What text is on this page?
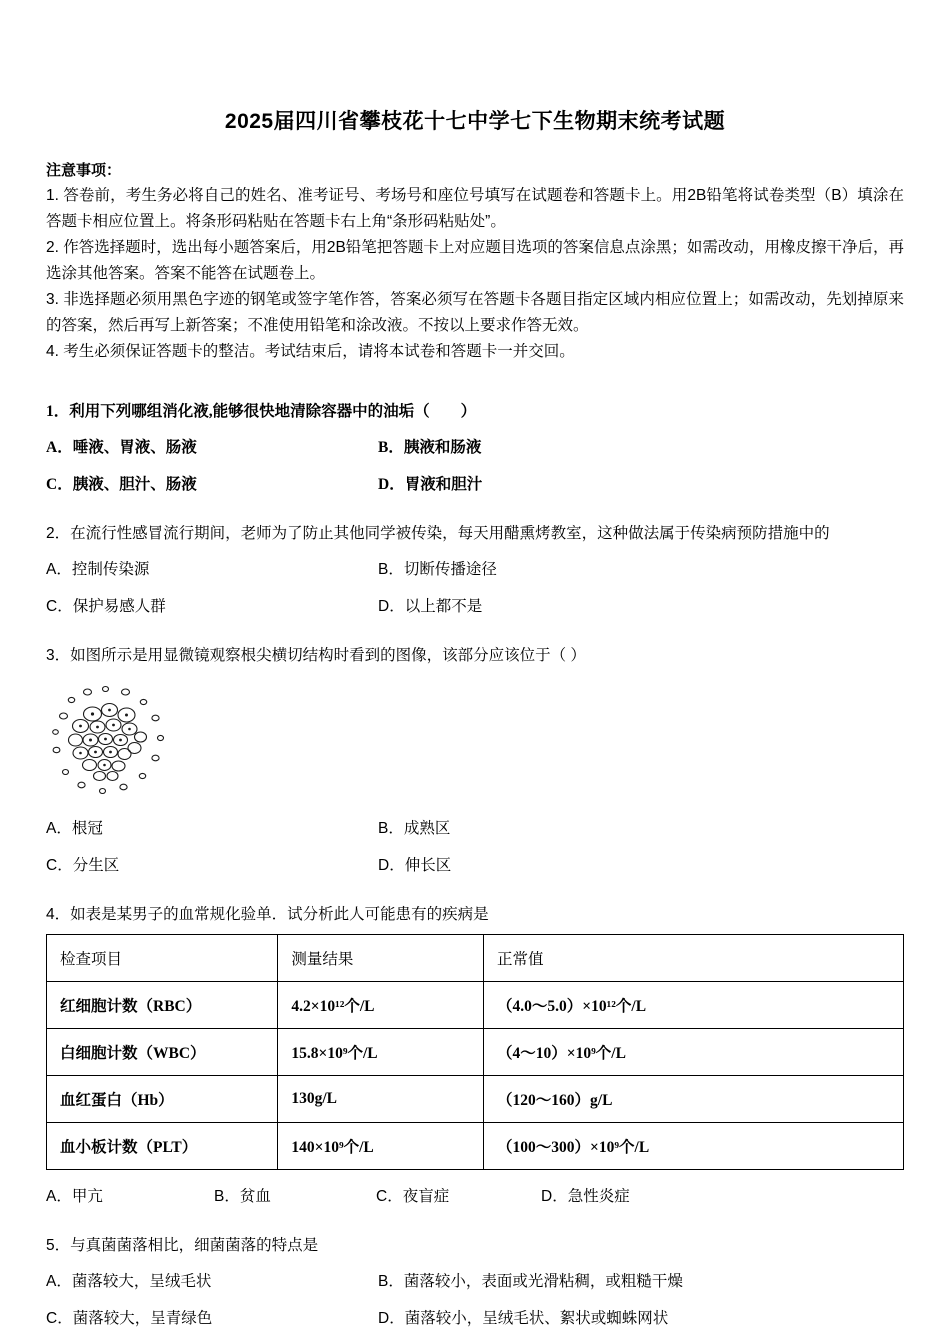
2025届四川省攀枝花十七中学七下生物期末统考试题
注意事项：

1. 答卷前，考生务必将自己的姓名、准考证号、考场号和座位号填写在试题卷和答题卡上。用2B铅笔将试卷类型（B）填涂在答题卡相应位置上。将条形码粘贴在答题卡右上角“条形码粘贴处”。

2. 作答选择题时，选出每小题答案后，用2B铅笔把答题卡上对应题目选项的答案信息点涂黑；如需改动，用橡皮擦干净后，再选涂其他答案。答案不能答在试题卷上。

3. 非选择题必须用黑色字迹的钢笔或签字笔作答，答案必须写在答题卡各题目指定区域内相应位置上；如需改动，先划掉原来的答案，然后再写上新答案；不准使用铅笔和涂改液。不按以上要求作答无效。

4. 考生必须保证答题卡的整洁。考试结束后，请将本试卷和答题卡一并交回。

1．利用下列哪组消化液,能够很快地清除容器中的油垢（　　）

A．唾液、胃液、肠液	B．胰液和肠液
C．胰液、胆汁、肠液	D．胃液和胆汁

2．在流行性感冒流行期间，老师为了防止其他同学被传染，每天用醋熏烤教室，这种做法属于传染病预防措施中的

A．控制传染源	B．切断传播途径
C．保护易感人群	D．以上都不是

3．如图所示是用显微镜观察根尖横切结构时看到的图像，该部分应该位于（ ）

A．根冠	B．成熟区
C．分生区	D．伸长区

4．如表是某男子的血常规化验单．试分析此人可能患有的疾病是

检查项目	测量结果	正常值
红细胞计数（RBC）	4.2×10¹²个/L	（4.0～5.0）×10¹²个/L
白细胞计数（WBC）	15.8×10⁹个/L	（4～10）×10⁹个/L
血红蛋白（Hb）	130g/L	（120～160）g/L
血小板计数（PLT）	140×10⁹个/L	（100～300）×10⁹个/L
A．甲亢	B．贫血	C．夜盲症	D．急性炎症

5．与真菌菌落相比，细菌菌落的特点是

A．菌落较大，呈绒毛状	B．菌落较小，表面或光滑粘稠，或粗糙干燥
C．菌落较大，呈青绿色	D．菌落较小，呈绒毛状、絮状或蜘蛛网状
